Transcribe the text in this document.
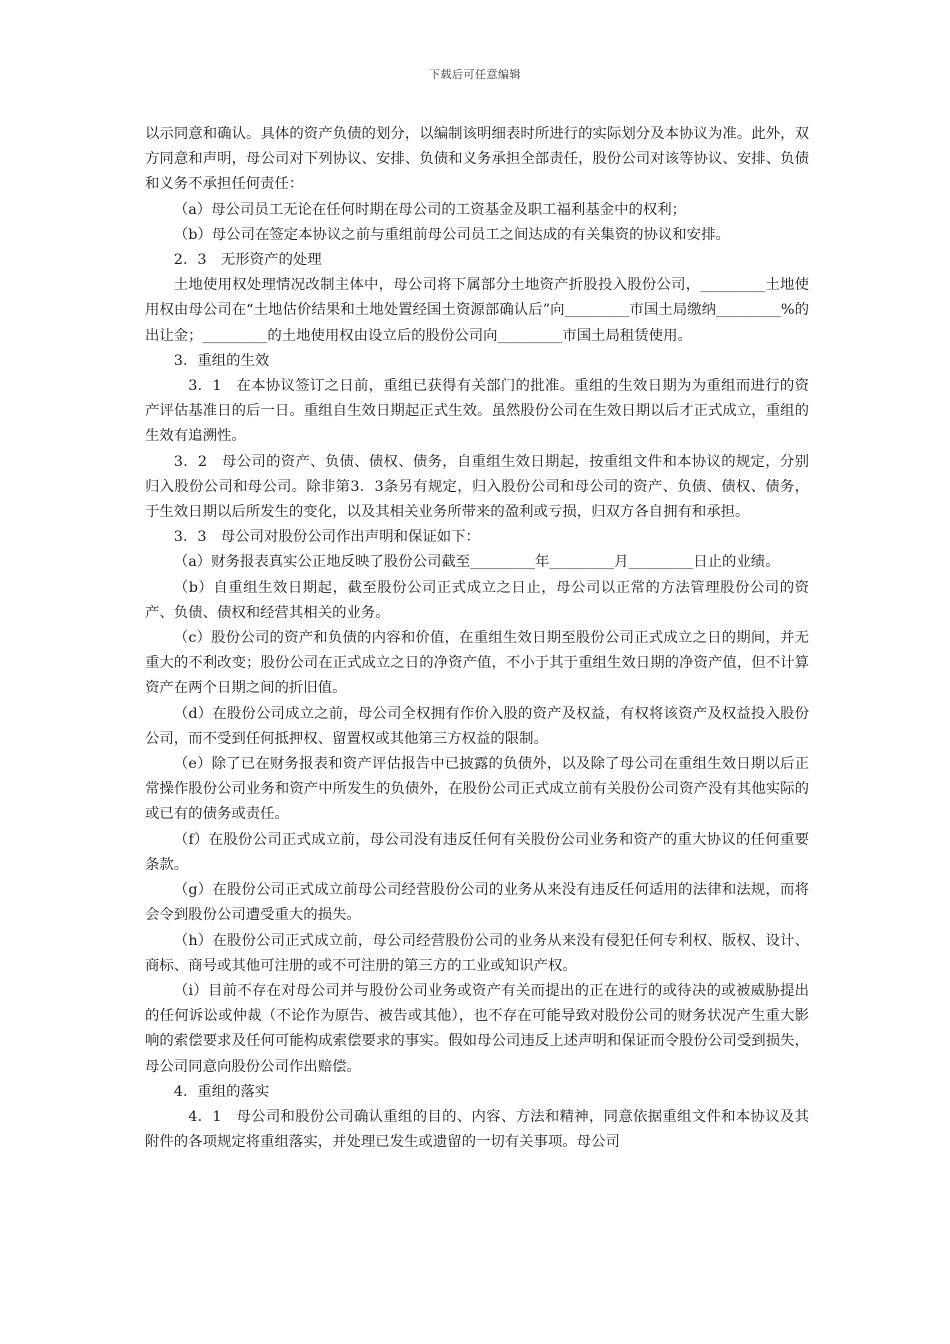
下载后可任意编辑

以示同意和确认。具体的资产负债的划分，以编制该明细表时所进行的实际划分及本协议为准。此外，双方同意和声明，母公司对下列协议、安排、负债和义务承担全部责任，股份公司对该等协议、安排、负债和义务不承担任何责任：

（a）母公司员工无论在任何时期在母公司的工资基金及职工福利基金中的权利；

（b）母公司在签定本协议之前与重组前母公司员工之间达成的有关集资的协议和安排。

2．3　无形资产的处理

土地使用权处理情况改制主体中，母公司将下属部分土地资产折股投入股份公司，_________土地使用权由母公司在“土地估价结果和土地处置经国土资源部确认后”向_________市国土局缴纳_________%的出让金；_________的土地使用权由设立后的股份公司向_________市国土局租赁使用。

3．重组的生效

3．1　在本协议签订之日前，重组已获得有关部门的批准。重组的生效日期为为重组而进行的资产评估基准日的后一日。重组自生效日期起正式生效。虽然股份公司在生效日期以后才正式成立，重组的生效有追溯性。

3．2　母公司的资产、负债、债权、债务，自重组生效日期起，按重组文件和本协议的规定，分别归入股份公司和母公司。除非第3．3条另有规定，归入股份公司和母公司的资产、负债、债权、债务，于生效日期以后所发生的变化，以及其相关业务所带来的盈利或亏损，归双方各自拥有和承担。

3．3　母公司对股份公司作出声明和保证如下：

（a）财务报表真实公正地反映了股份公司截至_________年_________月_________日止的业绩。

（b）自重组生效日期起，截至股份公司正式成立之日止，母公司以正常的方法管理股份公司的资产、负债、债权和经营其相关的业务。

（c）股份公司的资产和负债的内容和价值，在重组生效日期至股份公司正式成立之日的期间，并无重大的不利改变；股份公司在正式成立之日的净资产值，不小于其于重组生效日期的净资产值，但不计算资产在两个日期之间的折旧值。

（d）在股份公司成立之前，母公司全权拥有作价入股的资产及权益，有权将该资产及权益投入股份公司，而不受到任何抵押权、留置权或其他第三方权益的限制。

（e）除了已在财务报表和资产评估报告中已披露的负债外，以及除了母公司在重组生效日期以后正常操作股份公司业务和资产中所发生的负债外，在股份公司正式成立前有关股份公司资产没有其他实际的或已有的债务或责任。

（f）在股份公司正式成立前，母公司没有违反任何有关股份公司业务和资产的重大协议的任何重要条款。

（g）在股份公司正式成立前母公司经营股份公司的业务从来没有违反任何适用的法律和法规，而将会令到股份公司遭受重大的损失。

（h）在股份公司正式成立前，母公司经营股份公司的业务从来没有侵犯任何专利权、版权、设计、商标、商号或其他可注册的或不可注册的第三方的工业或知识产权。

（i）目前不存在对母公司并与股份公司业务或资产有关而提出的正在进行的或待决的或被威胁提出的任何诉讼或仲裁（不论作为原告、被告或其他），也不存在可能导致对股份公司的财务状况产生重大影响的索偿要求及任何可能构成索偿要求的事实。假如母公司违反上述声明和保证而令股份公司受到损失，母公司同意向股份公司作出赔偿。

4．重组的落实

4．1　母公司和股份公司确认重组的目的、内容、方法和精神，同意依据重组文件和本协议及其附件的各项规定将重组落实，并处理已发生或遗留的一切有关事项。母公司
